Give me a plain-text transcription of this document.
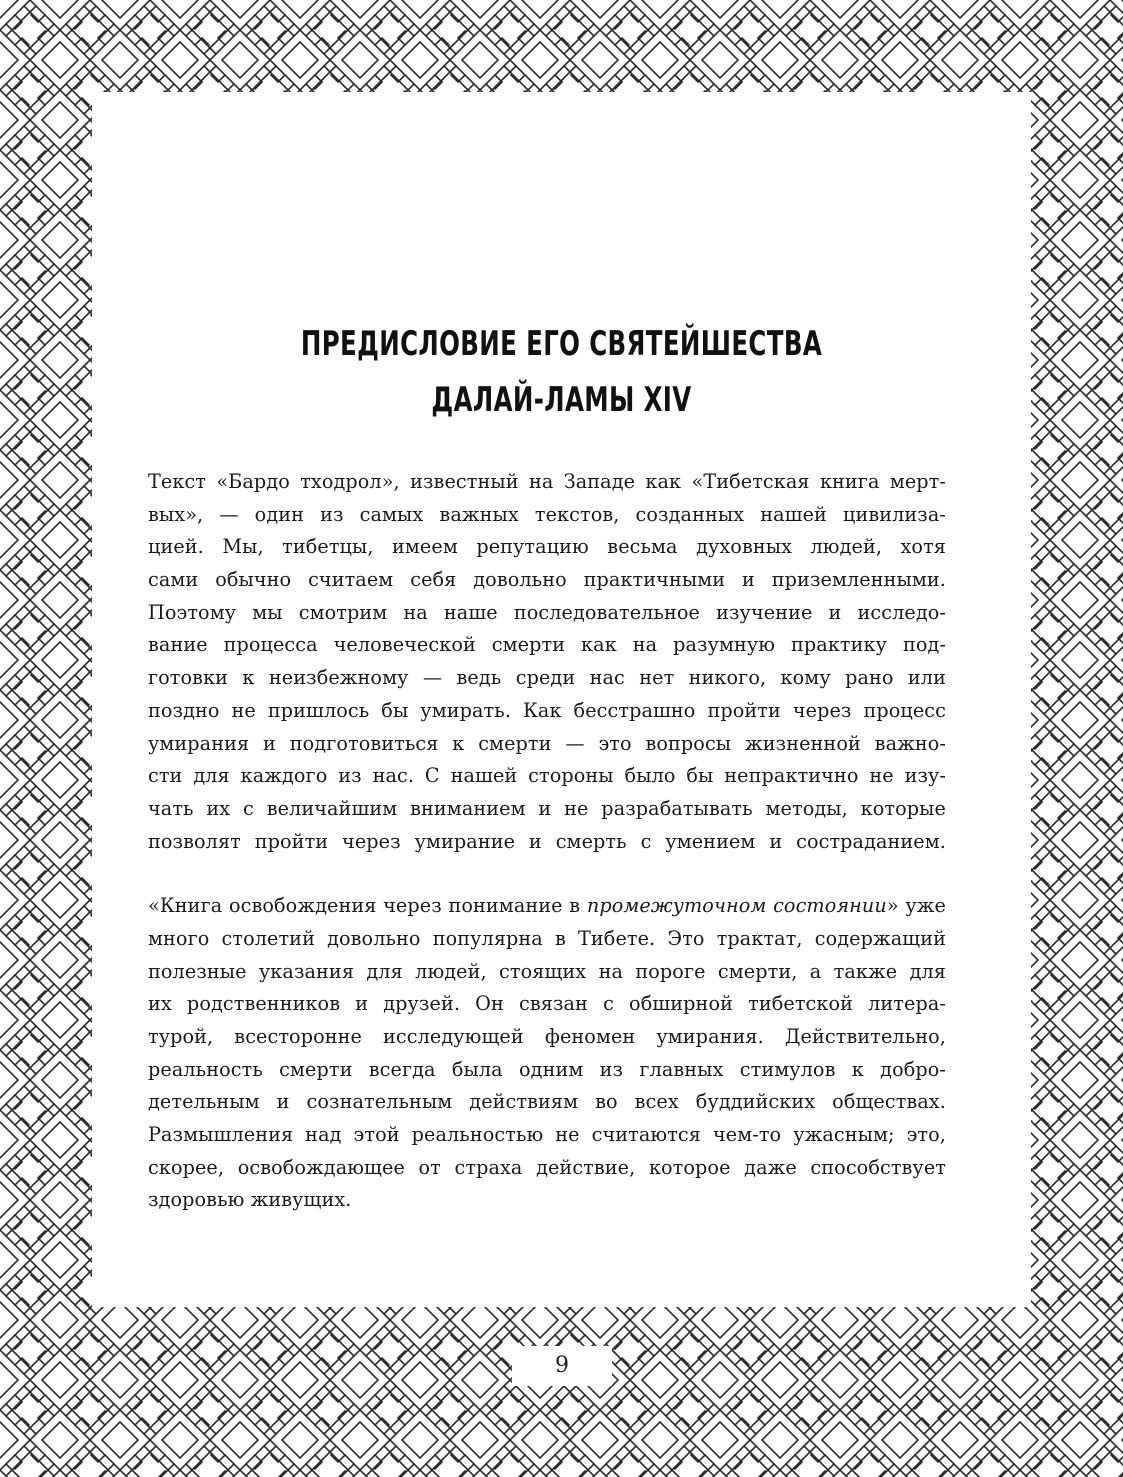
ПРЕДИСЛОВИЕ ЕГО СВЯТЕЙШЕСТВА
ДАЛАЙ-ЛАМЫ XIV
Текст «Бардо тходрол», известный на Западе как «Тибетская книга мерт-
вых», — один из самых важных текстов, созданных нашей цивилиза-
цией. Мы, тибетцы, имеем репутацию весьма духовных людей, хотя
сами обычно считаем себя довольно практичными и приземленными.
Поэтому мы смотрим на наше последовательное изучение и исследо-
вание процесса человеческой смерти как на разумную практику под-
готовки к неизбежному — ведь среди нас нет никого, кому рано или
поздно не пришлось бы умирать. Как бесстрашно пройти через процесс
умирания и подготовиться к смерти — это вопросы жизненной важно-
сти для каждого из нас. С нашей стороны было бы непрактично не изу-
чать их с величайшим вниманием и не разрабатывать методы, которые
позволят пройти через умирание и смерть с умением и состраданием.
«Книга освобождения через понимание в промежуточном состоянии» уже
много столетий довольно популярна в Тибете. Это трактат, содержащий
полезные указания для людей, стоящих на пороге смерти, а также для
их родственников и друзей. Он связан с обширной тибетской литера-
турой, всесторонне исследующей феномен умирания. Действительно,
реальность смерти всегда была одним из главных стимулов к добро-
детельным и сознательным действиям во всех буддийских обществах.
Размышления над этой реальностью не считаются чем-то ужасным; это,
скорее, освобождающее от страха действие, которое даже способствует
здоровью живущих.
9
